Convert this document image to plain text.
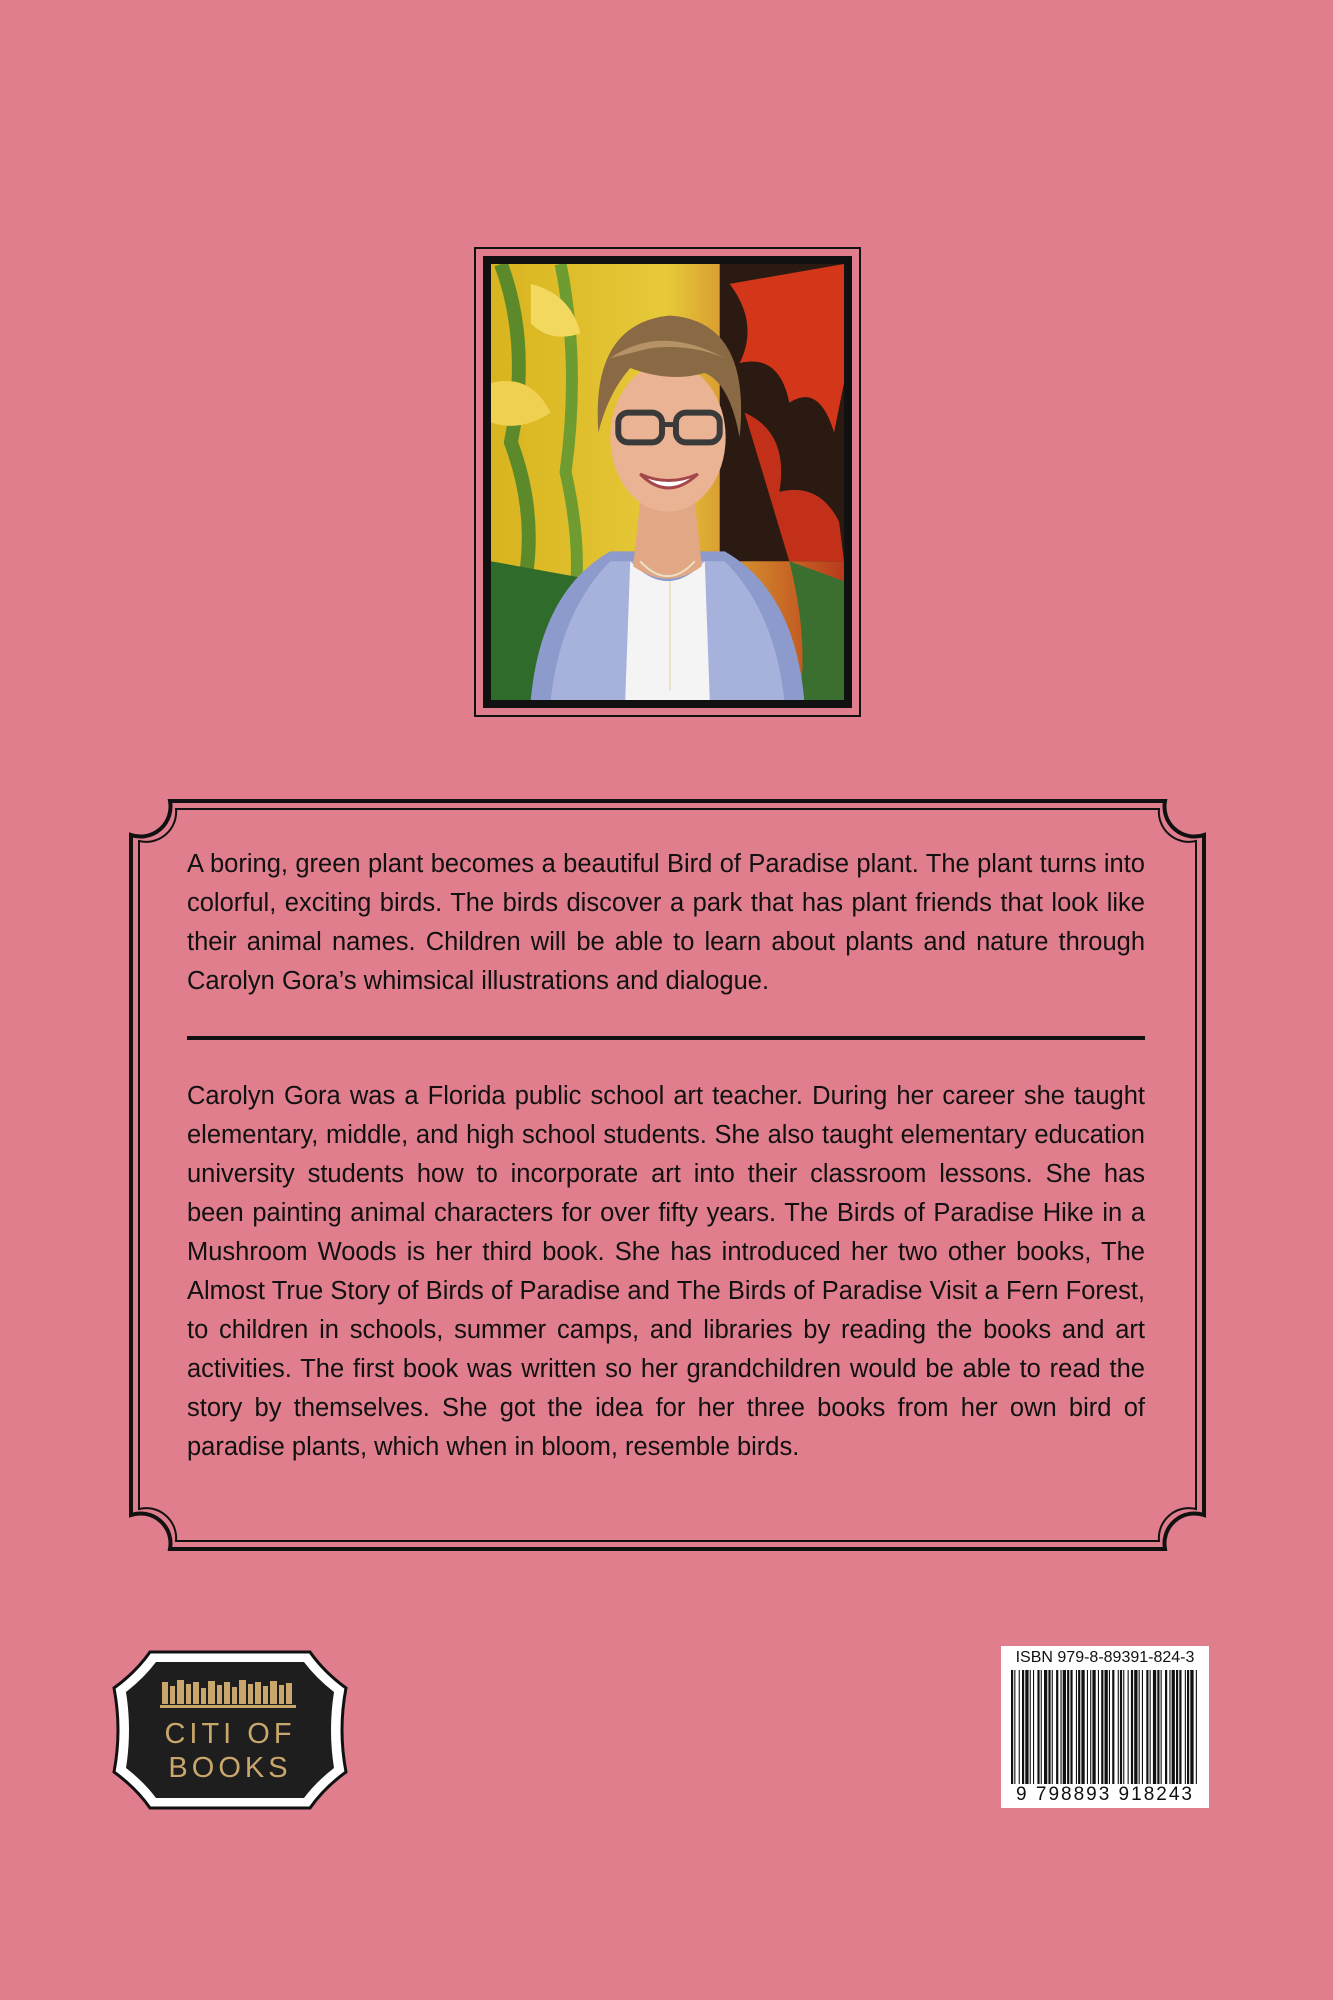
A boring, green plant becomes a beautiful Bird of Paradise plant. The plant turns into colorful, exciting birds. The birds discover a park that has plant friends that look like their animal names. Children will be able to learn about plants and nature through Carolyn Gora’s whimsical illustrations and dialogue.

Carolyn Gora was a Florida public school art teacher. During her career she taught elementary, middle, and high school students. She also taught elementary education university students how to incorporate art into their classroom lessons. She has been painting animal characters for over fifty years. The Birds of Paradise Hike in a Mushroom Woods is her third book. She has introduced her two other books, The Almost True Story of Birds of Paradise and The Birds of Paradise Visit a Fern Forest, to children in schools, summer camps, and libraries by reading the books and art activities. The first book was written so her grandchildren would be able to read the story by themselves. She got the idea for her three books from her own bird of paradise plants, which when in bloom, resemble birds.

CITI OF
BOOKS
ISBN 979-8-89391-824-3
9 798893 918243
